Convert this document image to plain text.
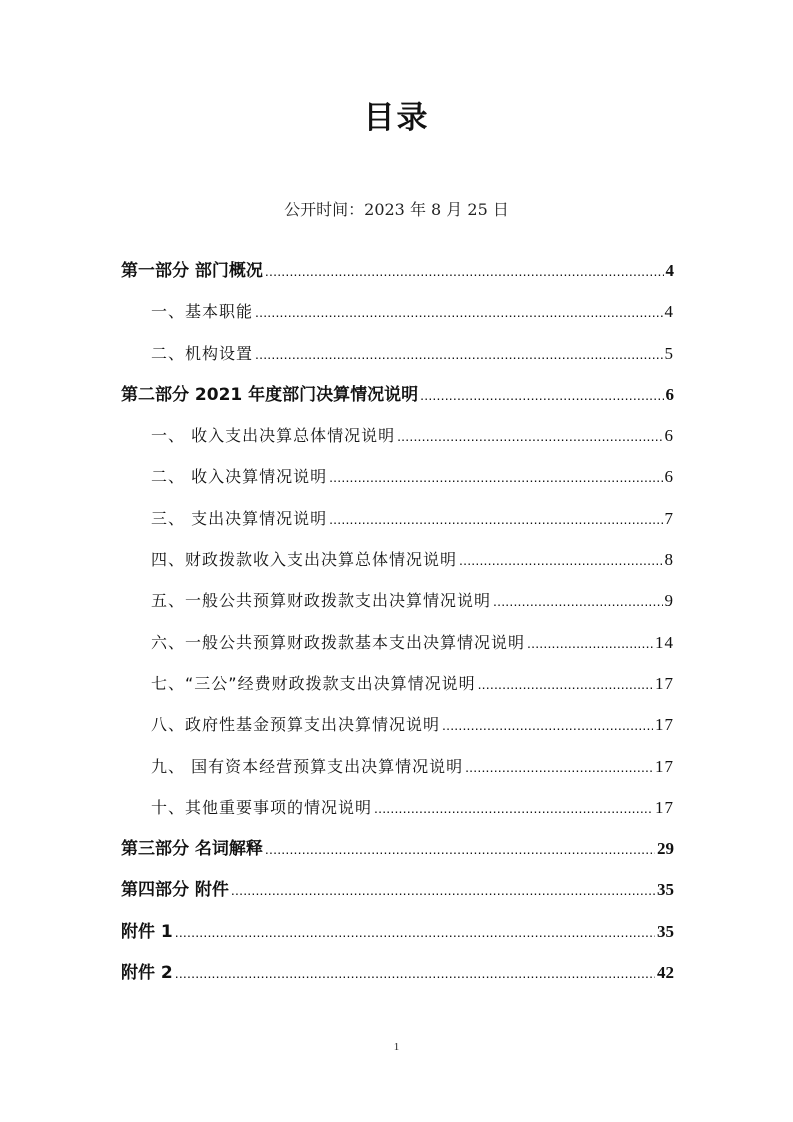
目录
公开时间：2023 年 8 月 25 日
第一部分 部门概况 .....	4
一、基本职能 .....	4
二、机构设置 .....	5
第二部分 2021 年度部门决算情况说明 .....	6
一、 收入支出决算总体情况说明 .....	6
二、 收入决算情况说明 .....	6
三、 支出决算情况说明 .....	7
四、财政拨款收入支出决算总体情况说明 .....	8
五、一般公共预算财政拨款支出决算情况说明 .....	9
六、一般公共预算财政拨款基本支出决算情况说明 .....	14
七、“三公”经费财政拨款支出决算情况说明 .....	17
八、政府性基金预算支出决算情况说明 .....	17
九、 国有资本经营预算支出决算情况说明 .....	17
十、其他重要事项的情况说明 .....	17
第三部分 名词解释 .....	29
第四部分 附件 .....	35
附件 1 .....	35
附件 2 .....	42
1
